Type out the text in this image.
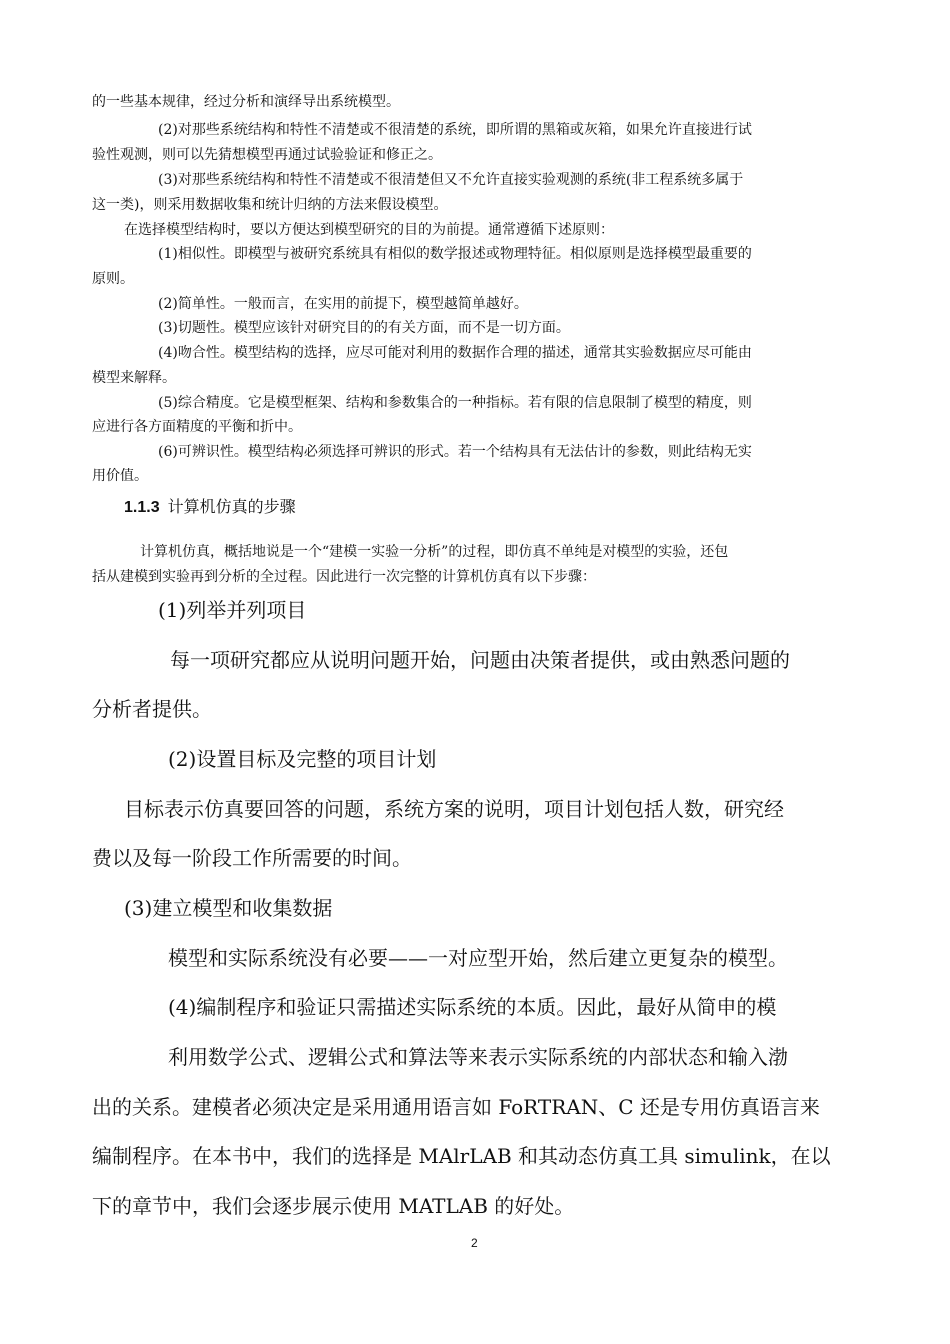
的一些基本规律，经过分析和演绎导出系统模型。

(2)对那些系统结构和特性不清楚或不很清楚的系统，即所谓的黑箱或灰箱，如果允许直接进行试

验性观测，则可以先猜想模型再通过试验验证和修正之。

(3)对那些系统结构和特性不清楚或不很清楚但又不允许直接实验观测的系统(非工程系统多属于

这一类)，则采用数据收集和统计归纳的方法来假设模型。

在选择模型结构时，要以方便达到模型研究的目的为前提。通常遵循下述原则：

(1)相似性。即模型与被研究系统具有相似的数学报述或物理特征。相似原则是选择模型最重要的

原则。

(2)简单性。一般而言，在实用的前提下，模型越简单越好。

(3)切题性。模型应该针对研究目的的有关方面，而不是一切方面。

(4)吻合性。模型结构的选择，应尽可能对利用的数据作合理的描述，通常其实验数据应尽可能由

模型来解释。

(5)综合精度。它是模型框架、结构和参数集合的一种指标。若有限的信息限制了模型的精度，则

应进行各方面精度的平衡和折中。

(6)可辨识性。模型结构必须选择可辨识的形式。若一个结构具有无法估计的参数，则此结构无实

用价值。

1.1.3 计算机仿真的步骤

计算机仿真，概括地说是一个“建模一实验一分析”的过程，即仿真不单纯是对模型的实验，还包

括从建模到实验再到分析的全过程。因此进行一次完整的计算机仿真有以下步骤：

(1)列举并列项目

每一项研究都应从说明问题开始，问题由决策者提供，或由熟悉问题的

分析者提供。

(2)设置目标及完整的项目计划

目标表示仿真要回答的问题，系统方案的说明，项目计划包括人数，研究经

费以及每一阶段工作所需要的时间。

(3)建立模型和收集数据

模型和实际系统没有必要——一对应型开始，然后建立更复杂的模型。

(4)编制程序和验证只需描述实际系统的本质。因此，最好从简申的模

利用数学公式、逻辑公式和算法等来表示实际系统的内部状态和输入渤

出的关系。建模者必须决定是采用通用语言如 FoRTRAN、C 还是专用仿真语言来

编制程序。在本书中，我们的选择是 MAlrLAB 和其动态仿真工具 simulink，在以

下的章节中，我们会逐步展示使用 MATLAB 的好处。

2
